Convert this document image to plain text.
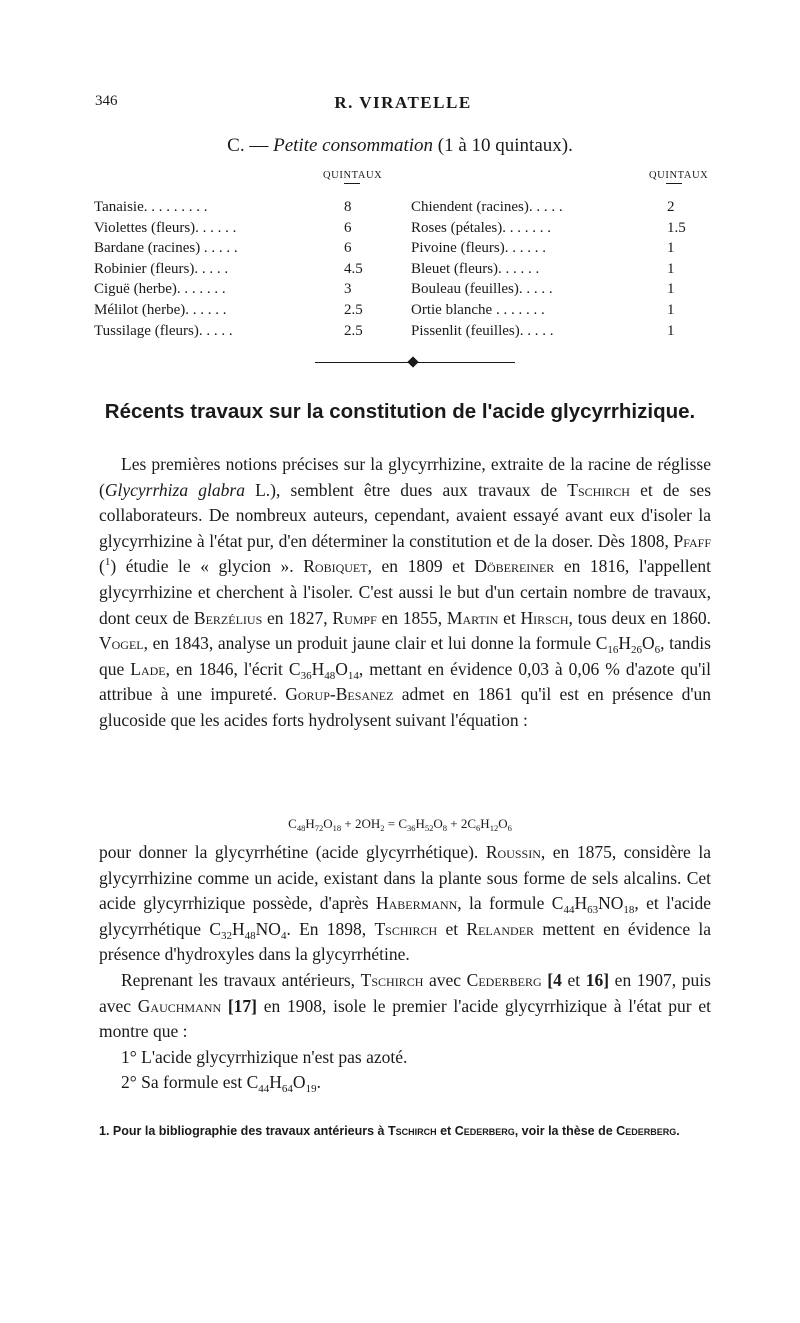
346	R. VIRATELLE
C. — Petite consommation (1 à 10 quintaux).
QUINTAUX	QUINTAUX
Tanaisie. . . . . . . . .	8
Violettes (fleurs). . . . . .	6
Bardane (racines) . . . . .	6
Robinier (fleurs). . . . .	4.5
Ciguë (herbe). . . . . . .	3
Mélilot (herbe). . . . . .	2.5
Tussilage (fleurs). . . . .	2.5
Chiendent (racines). . . . .	2
Roses (pétales). . . . . . .	1.5
Pivoine (fleurs). . . . . .	1
Bleuet (fleurs). . . . . .	1
Bouleau (feuilles). . . . .	1
Ortie blanche . . . . . . .	1
Pissenlit (feuilles). . . . .	1
Récents travaux sur la constitution de l'acide glycyrrhizique.

Les premières notions précises sur la glycyrrhizine, extraite de la racine de réglisse (Glycyrrhiza glabra L.), semblent être dues aux travaux de Tschirch et de ses collaborateurs. De nombreux auteurs, cependant, avaient essayé avant eux d'isoler la glycyrrhizine à l'état pur, d'en déterminer la constitution et de la doser. Dès 1808, Pfaff ($^1$) étudie le « glycion ». Robiquet, en 1809 et Döbereiner en 1816, l'appellent glycyrrhizine et cherchent à l'isoler. C'est aussi le but d'un certain nombre de travaux, dont ceux de Berzélius en 1827, Rumpf en 1855, Martin et Hirsch, tous deux en 1860. Vogel, en 1843, analyse un produit jaune clair et lui donne la formule $C_{16}H_{26}O_6$, tandis que Lade, en 1846, l'écrit $C_{36}H_{48}O_{14}$, mettant en évidence 0,03 à 0,06 % d'azote qu'il attribue à une impureté. Gorup-Besanez admet en 1861 qu'il est en présence d'un glucoside que les acides forts hydrolysent suivant l'équation :

$C_{48}H_{72}O_{18} + 2OH_2 = C_{36}H_{52}O_8 + 2C_6H_{12}O_6$

pour donner la glycyrrhétine (acide glycyrrhétique). Roussin, en 1875, considère la glycyrrhizine comme un acide, existant dans la plante sous forme de sels alcalins. Cet acide glycyrrhizique possède, d'après Habermann, la formule $C_{44}H_{63}NO_{18}$, et l'acide glycyrrhétique $C_{32}H_{48}NO_4$. En 1898, Tschirch et Relander mettent en évidence la présence d'hydroxyles dans la glycyrrhétine.

Reprenant les travaux antérieurs, Tschirch avec Cederberg [4 et 16] en 1907, puis avec Gauchmann [17] en 1908, isole le premier l'acide glycyrrhizique à l'état pur et montre que :

1° L'acide glycyrrhizique n'est pas azoté.

2° Sa formule est $C_{44}H_{64}O_{19}$.

1. Pour la bibliographie des travaux antérieurs à Tschirch et Cederberg, voir la thèse de Cederberg.
